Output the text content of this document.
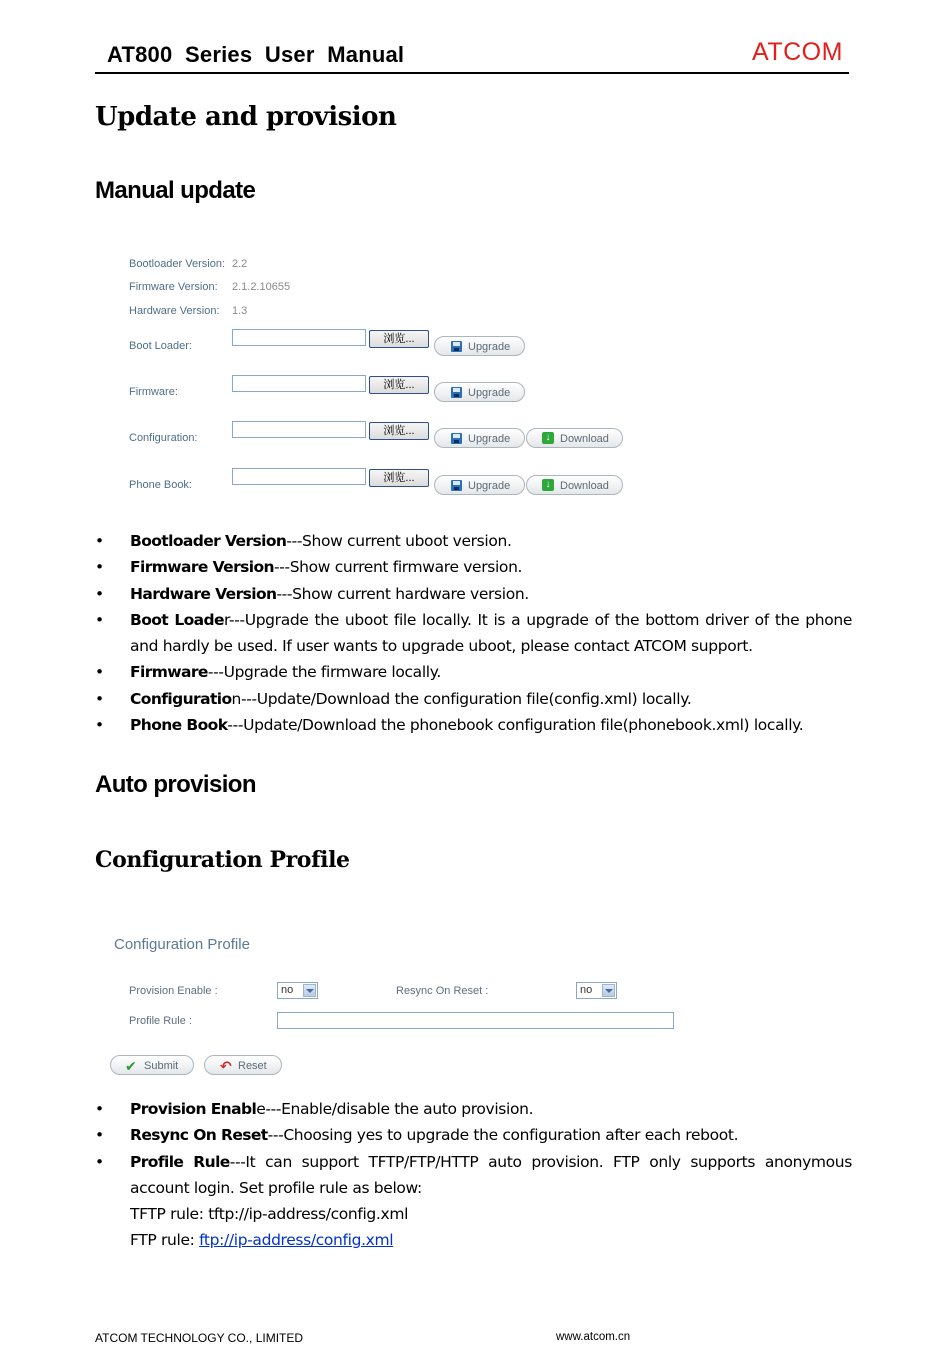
AT800  Series  User  Manual	ATCOM
Update and provision
Manual update
Bootloader Version: 2.2
Firmware Version: 2.1.2.10655
Hardware Version: 1.3
Boot Loader:
浏览...
Upgrade
Firmware:
浏览...
Upgrade
Configuration:
浏览...
Upgrade	↓ Download
Phone Book:
浏览...
Upgrade	↓ Download
• Bootloader Version---Show current uboot version.
• Firmware Version---Show current firmware version.
• Hardware Version---Show current hardware version.
• Boot Loader---Upgrade the uboot file locally. It is a upgrade of the bottom driver of the phone and hardly be used. If user wants to upgrade uboot, please contact ATCOM support.
• Firmware---Upgrade the firmware locally.
• Configuration---Update/Download the configuration file(config.xml) locally.
• Phone Book---Update/Download the phonebook configuration file(phonebook.xml) locally.
Auto provision
Configuration Profile
Configuration Profile
Provision Enable :	no	Resync On Reset :	no
Profile Rule :
✔ Submit	↶ Reset
• Provision Enable---Enable/disable the auto provision.
• Resync On Reset---Choosing yes to upgrade the configuration after each reboot.
• Profile Rule---It can support TFTP/FTP/HTTP auto provision. FTP only supports anonymous account login. Set profile rule as below:
TFTP rule: tftp://ip-address/config.xml
FTP rule: ftp://ip-address/config.xml
ATCOM TECHNOLOGY CO., LIMITED	www.atcom.cn
